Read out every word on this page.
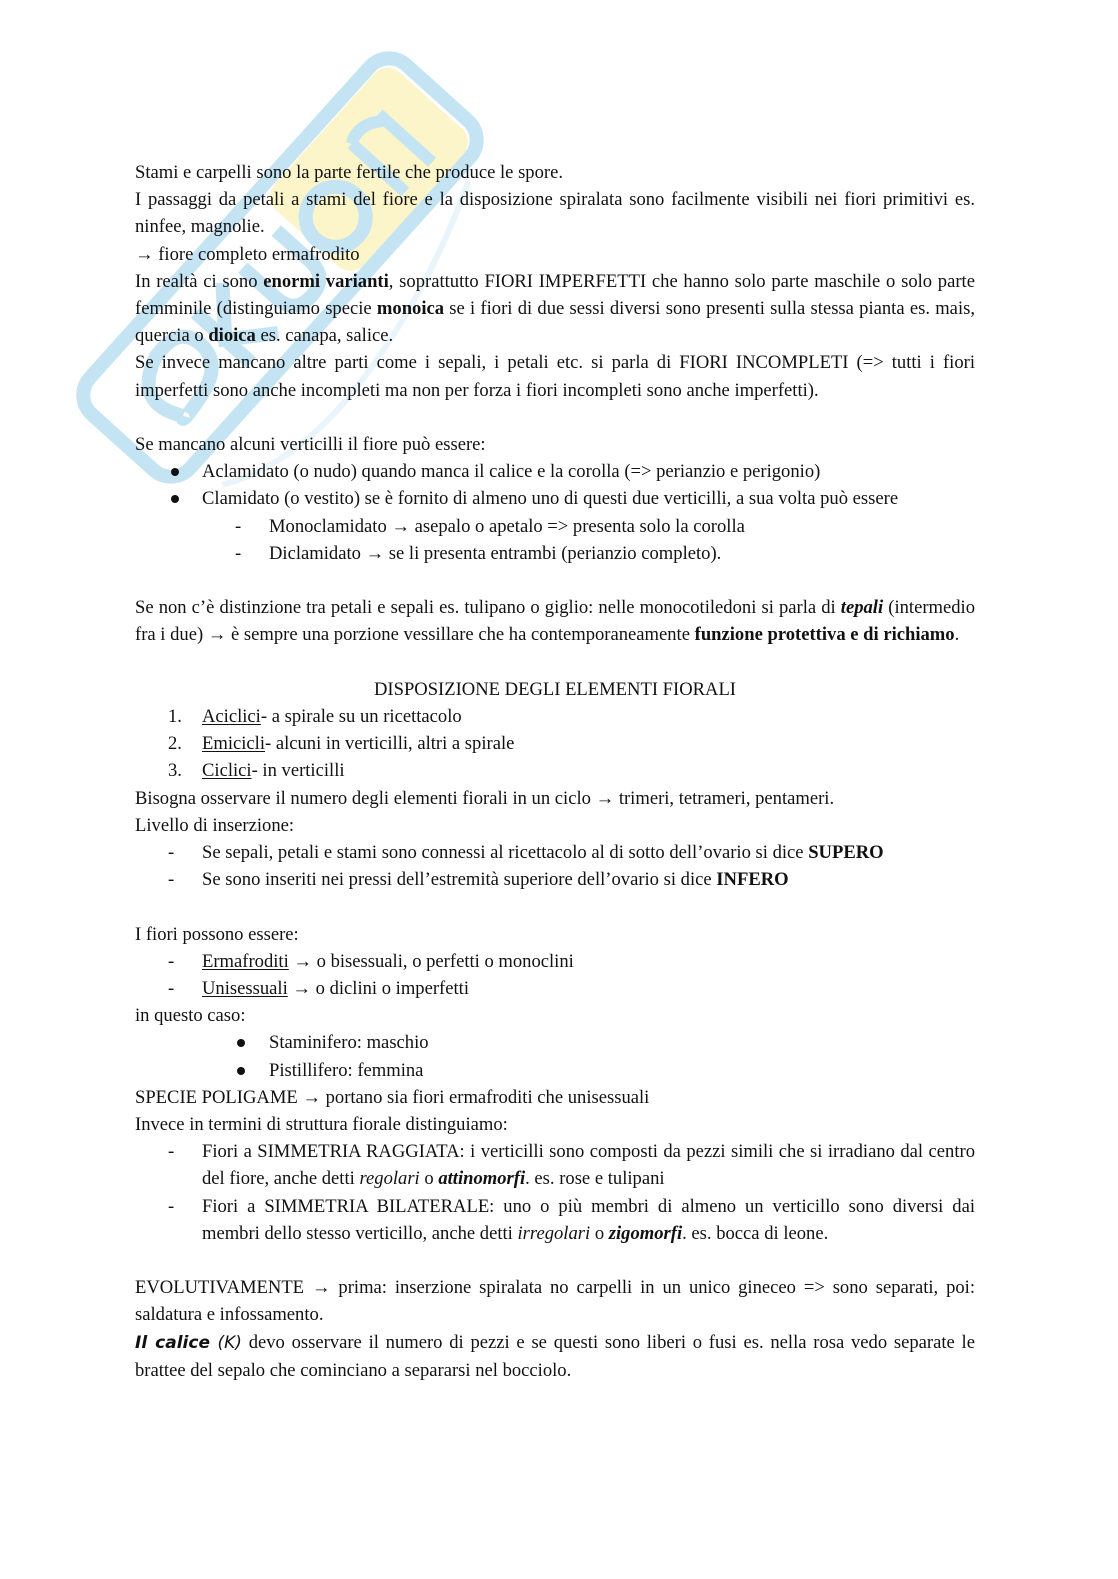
Stami e carpelli sono la parte fertile che produce le spore.

I passaggi da petali a stami del fiore e la disposizione spiralata sono facilmente visibili nei fiori primitivi es. ninfee, magnolie.

→ fiore completo ermafrodito

In realtà ci sono enormi varianti, soprattutto FIORI IMPERFETTI che hanno solo parte maschile o solo parte femminile (distinguiamo specie monoica se i fiori di due sessi diversi sono presenti sulla stessa pianta es. mais, quercia o dioica es. canapa, salice.

Se invece mancano altre parti come i sepali, i petali etc. si parla di FIORI INCOMPLETI (=> tutti i fiori imperfetti sono anche incompleti ma non per forza i fiori incompleti sono anche imperfetti).

Se mancano alcuni verticilli il fiore può essere:

Aclamidato (o nudo) quando manca il calice e la corolla (=> perianzio e perigonio)
Clamidato (o vestito) se è fornito di almeno uno di questi due verticilli, a sua volta può essere
- Monoclamidato → asepalo o apetalo => presenta solo la corolla
- Diclamidato → se li presenta entrambi (perianzio completo).

Se non c’è distinzione tra petali e sepali es. tulipano o giglio: nelle monocotiledoni si parla di tepali (intermedio fra i due) → è sempre una porzione vessillare che ha contemporaneamente funzione protettiva e di richiamo.

DISPOSIZIONE DEGLI ELEMENTI FIORALI

1. Aciclici- a spirale su un ricettacolo
2. Emicicli- alcuni in verticilli, altri a spirale
3. Ciclici- in verticilli

Bisogna osservare il numero degli elementi fiorali in un ciclo → trimeri, tetrameri, pentameri.

Livello di inserzione:

- Se sepali, petali e stami sono connessi al ricettacolo al di sotto dell’ovario si dice SUPERO
- Se sono inseriti nei pressi dell’estremità superiore dell’ovario si dice INFERO

I fiori possono essere:

- Ermafroditi → o bisessuali, o perfetti o monoclini
- Unisessuali → o diclini o imperfetti

in questo caso:

Staminifero: maschio
Pistillifero: femmina

SPECIE POLIGAME → portano sia fiori ermafroditi che unisessuali

Invece in termini di struttura fiorale distinguiamo:

- Fiori a SIMMETRIA RAGGIATA: i verticilli sono composti da pezzi simili che si irradiano dal centro del fiore, anche detti regolari o attinomorfi. es. rose e tulipani
- Fiori a SIMMETRIA BILATERALE: uno o più membri di almeno un verticillo sono diversi dai membri dello stesso verticillo, anche detti irregolari o zigomorfi. es. bocca di leone.

EVOLUTIVAMENTE → prima: inserzione spiralata no carpelli in un unico gineceo => sono separati, poi: saldatura e infossamento.

Il calice (K) devo osservare il numero di pezzi e se questi sono liberi o fusi es. nella rosa vedo separate le brattee del sepalo che cominciano a separarsi nel bocciolo.
